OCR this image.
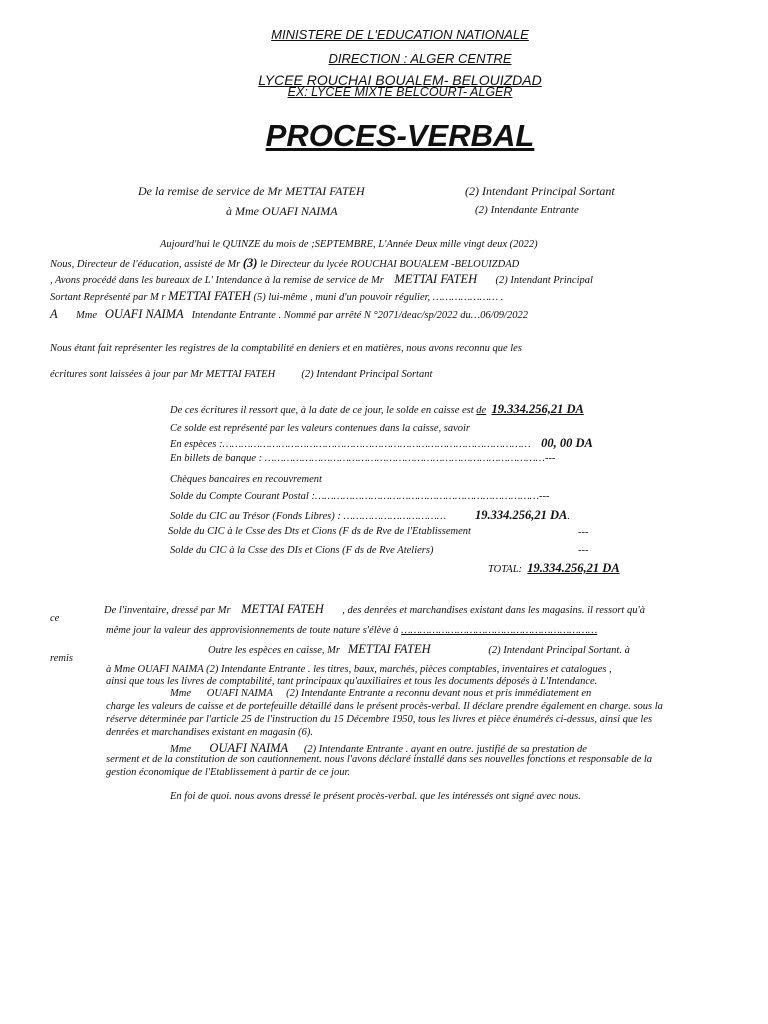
MINISTERE DE L'EDUCATION NATIONALE
DIRECTION : ALGER CENTRE
LYCEE ROUCHAI BOUALEM- BELOUIZDAD
EX: LYCEE MIXTE BELCOURT- ALGER
PROCES-VERBAL
De la remise de service de Mr METTAI FATEH	(2) Intendant Principal Sortant
à Mme OUAFI NAIMA	(2) Intendante Entrante
Aujourd'hui le QUINZE du mois de ;SEPTEMBRE, L'Année Deux mille vingt deux (2022)
Nous, Directeur de l'éducation, assisté de Mr (3) le Directeur du lycée ROUCHAI BOUALEM -BELOUIZDAD
, Avons procédé dans les bureaux de L' Intendance à la remise de service de Mr METTAI FATEH (2) Intendant Principal
Sortant Représenté par M r METTAI FATEH (5) lui-même , muni d'un pouvoir régulier, ………………… .
A Mme OUAFI NAIMA Intendante Entrante . Nommé par arrêté N °2071/deac/sp/2022 du…06/09/2022
Nous étant fait représenter les registres de la comptabilité en deniers et en matières, nous avons reconnu que les
écritures sont laissées à jour par Mr METTAI FATEH	(2) Intendant Principal Sortant
De ces écritures il ressort que, à la date de ce jour, le solde en caisse est de 19.334.256,21 DA
Ce solde est représenté par les valeurs contenues dans la caisse, savoir
En espèces :……………………………………………………………………………………… 00, 00 DA
En billets de banque : ………………………………………………………………………………---
Chèques bancaires en recouvrement
Solde du Compte Courant Postal :………………………………………………………………---
Solde du CIC au Trésor (Fonds Libres) : …………………………… 19.334.256,21 DA.
Solde du CIC à le Csse des Dts et Cions (F ds de Rve de l'Etablissement	---
Solde du CIC à la Csse des DIs et Cions (F ds de Rve Ateliers)	---
TOTAL: 19.334.256,21 DA
De l'inventaire, dressé par Mr METTAI FATEH , des denrées et marchandises existant dans les magasins. il ressort qu'à
ce
même jour la valeur des approvisionnements de toute nature s'élève à ………………………………………………………
Outre les espèces en caisse, Mr METTAI FATEH	(2) Intendant Principal Sortant. à
remis
à Mme OUAFI NAIMA (2) Intendante Entrante . les titres, baux, marchés, pièces comptables, inventaires et catalogues ,
ainsi que tous les livres de comptabilité, tant principaux qu'auxiliaires et tous les documents déposés à L'Intendance.
Mme OUAFI NAIMA (2) Intendante Entrante a reconnu devant nous et pris immédiatement en
charge les valeurs de caisse et de portefeuille détaillé dans le présent procès-verbal. Il déclare prendre également en charge. sous la
réserve déterminée par l'article 25 de l'instruction du 15 Décembre 1950, tous les livres et pièce énumérés ci-dessus, ainsi que les
denrées et marchandises existant en magasin (6).
Mme OUAFI NAIMA (2) Intendante Entrante . ayant en outre. justifié de sa prestation de
serment et de la constitution de son cautionnement. nous l'avons déclaré installé dans ses nouvelles fonctions et responsable de la
gestion économique de l'Etablissement à partir de ce jour.
En foi de quoi. nous avons dressé le présent procès-verbal. que les intéressés ont signé avec nous.
